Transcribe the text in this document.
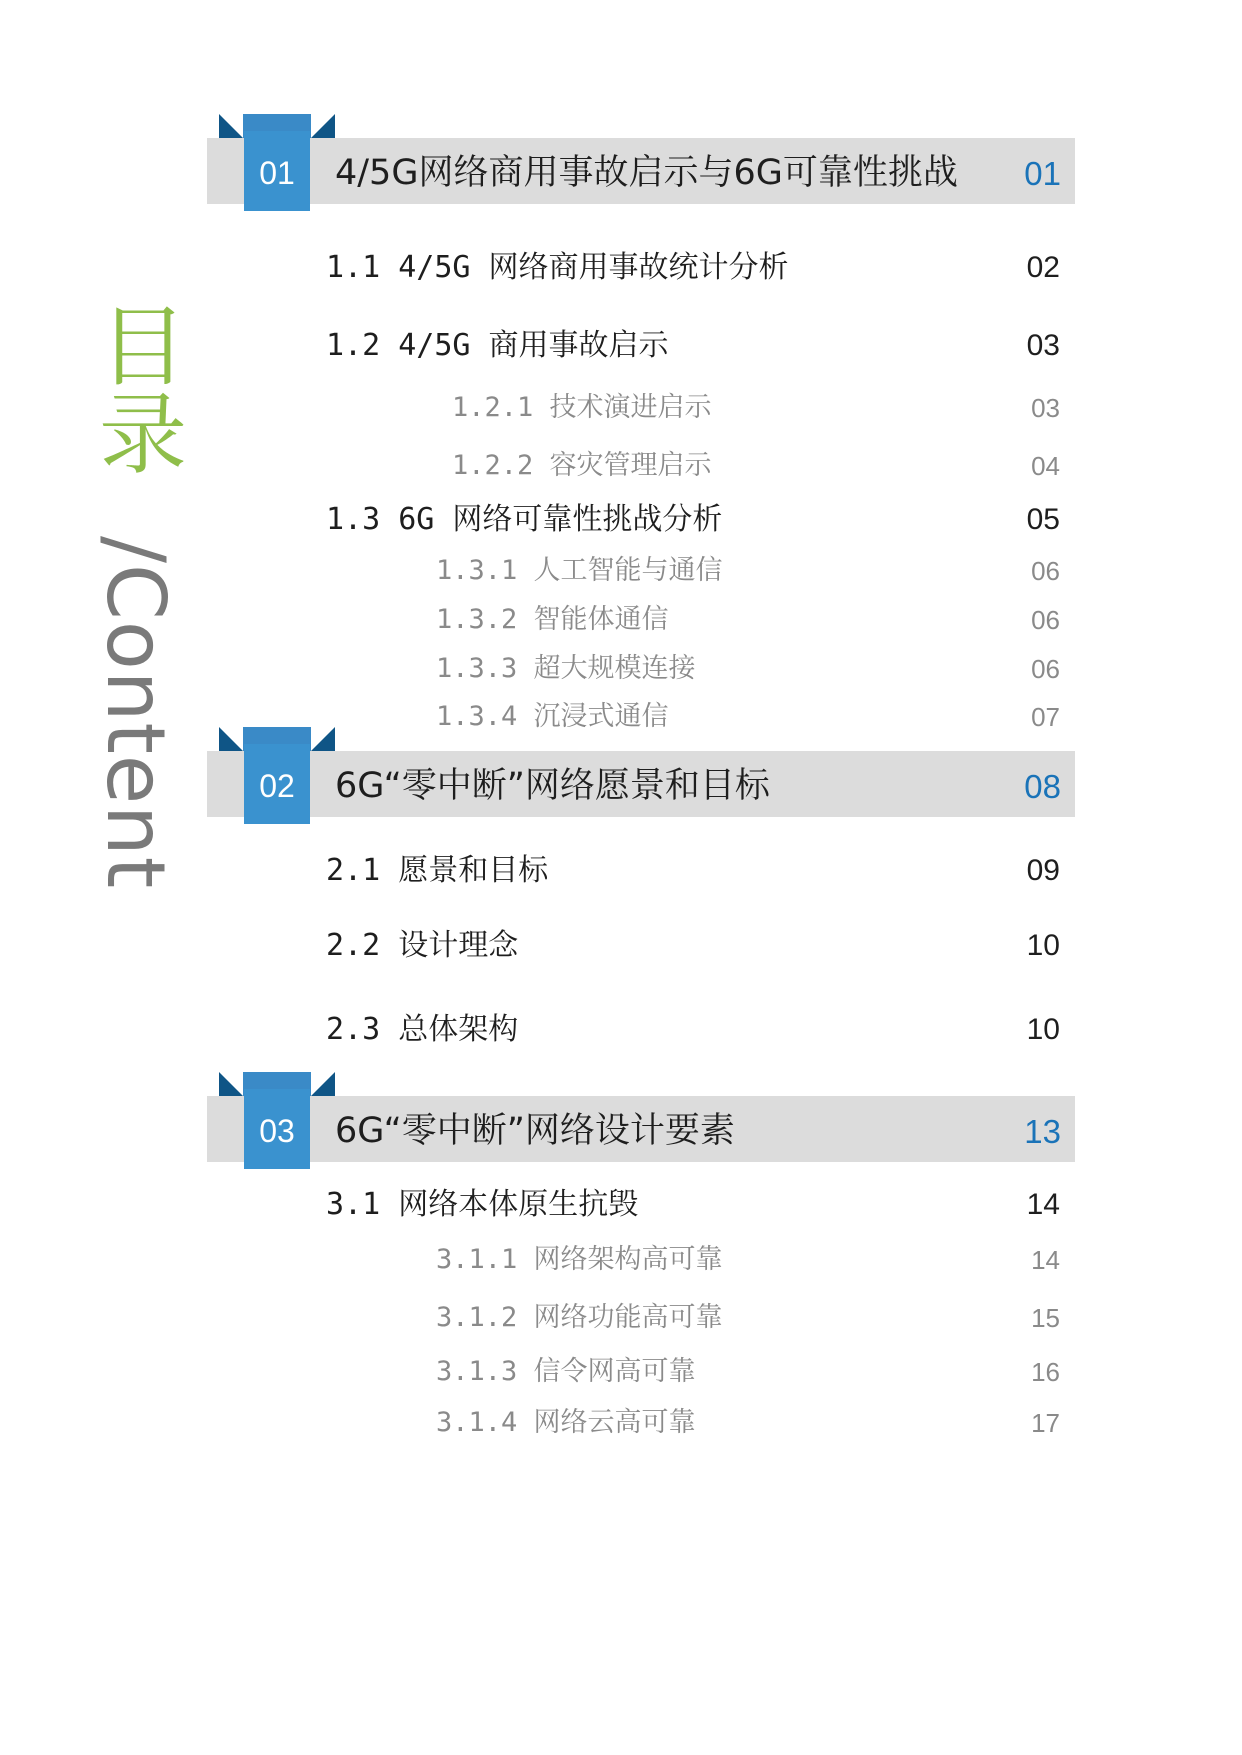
目录
/Content
01	4/5G网络商用事故启示与6G可靠性挑战 01
1.1 4/5G 网络商用事故统计分析	02
1.2 4/5G 商用事故启示	03
1.2.1 技术演进启示	03
1.2.2 容灾管理启示	04
1.3 6G 网络可靠性挑战分析	05
1.3.1 人工智能与通信	06
1.3.2 智能体通信	06
1.3.3 超大规模连接	06
1.3.4 沉浸式通信	07
02	6G“零中断”网络愿景和目标	08
2.1 愿景和目标	09
2.2 设计理念	10
2.3 总体架构	10
03	6G“零中断”网络设计要素	13
3.1 网络本体原生抗毁	14
3.1.1 网络架构高可靠	14
3.1.2 网络功能高可靠	15
3.1.3 信令网高可靠	16
3.1.4 网络云高可靠	17
